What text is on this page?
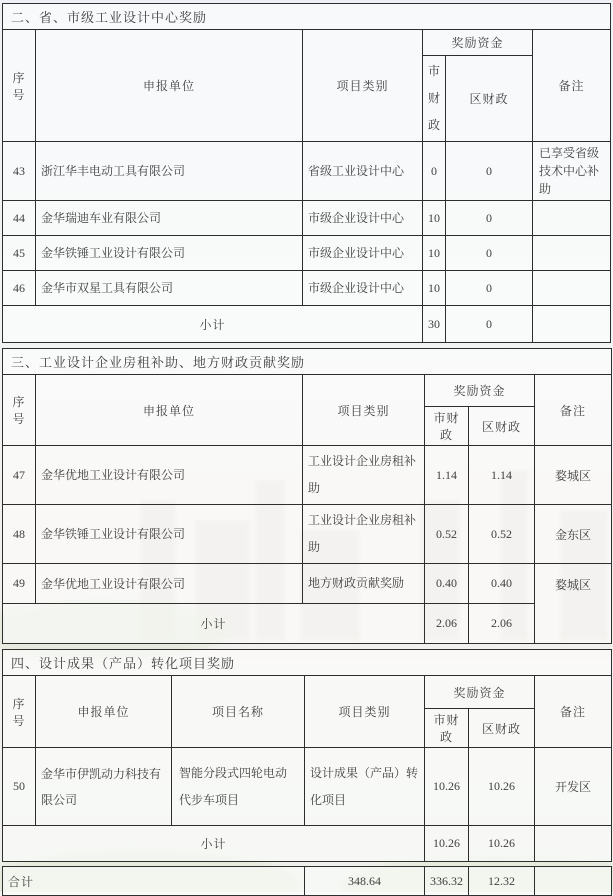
二、省、市级工业设计中心奖励					
序号	申报单位	项目类别	奖励资金		备注
			市财政	区财政	
43	浙江华丰电动工具有限公司	省级工业设计中心	0	0	已享受省级技术中心补助
44	金华瑞迪车业有限公司	市级企业设计中心	10	0	
45	金华铁锤工业设计有限公司	市级企业设计中心	10	0	
46	金华市双星工具有限公司	市级企业设计中心	10	0	
小计			30	0	
三、工业设计企业房租补助、地方财政贡献奖励					
序号	申报单位	项目类别	奖励资金		备注
			市财政	区财政	
47	金华优地工业设计有限公司	工业设计企业房租补助	1.14	1.14	婺城区
48	金华铁锤工业设计有限公司	工业设计企业房租补助	0.52	0.52	金东区
49	金华优地工业设计有限公司	地方财政贡献奖励	0.40	0.40	婺城区
小计			2.06	2.06	
四、设计成果（产品）转化项目奖励						
序号	申报单位	项目名称	项目类别	奖励资金		备注
				市财政	区财政	
50	金华市伊凯动力科技有限公司	智能分段式四轮电动代步车项目	设计成果（产品）转化项目	10.26	10.26	开发区
小计				10.26	10.26	
合计	348.64	336.32	12.32	
